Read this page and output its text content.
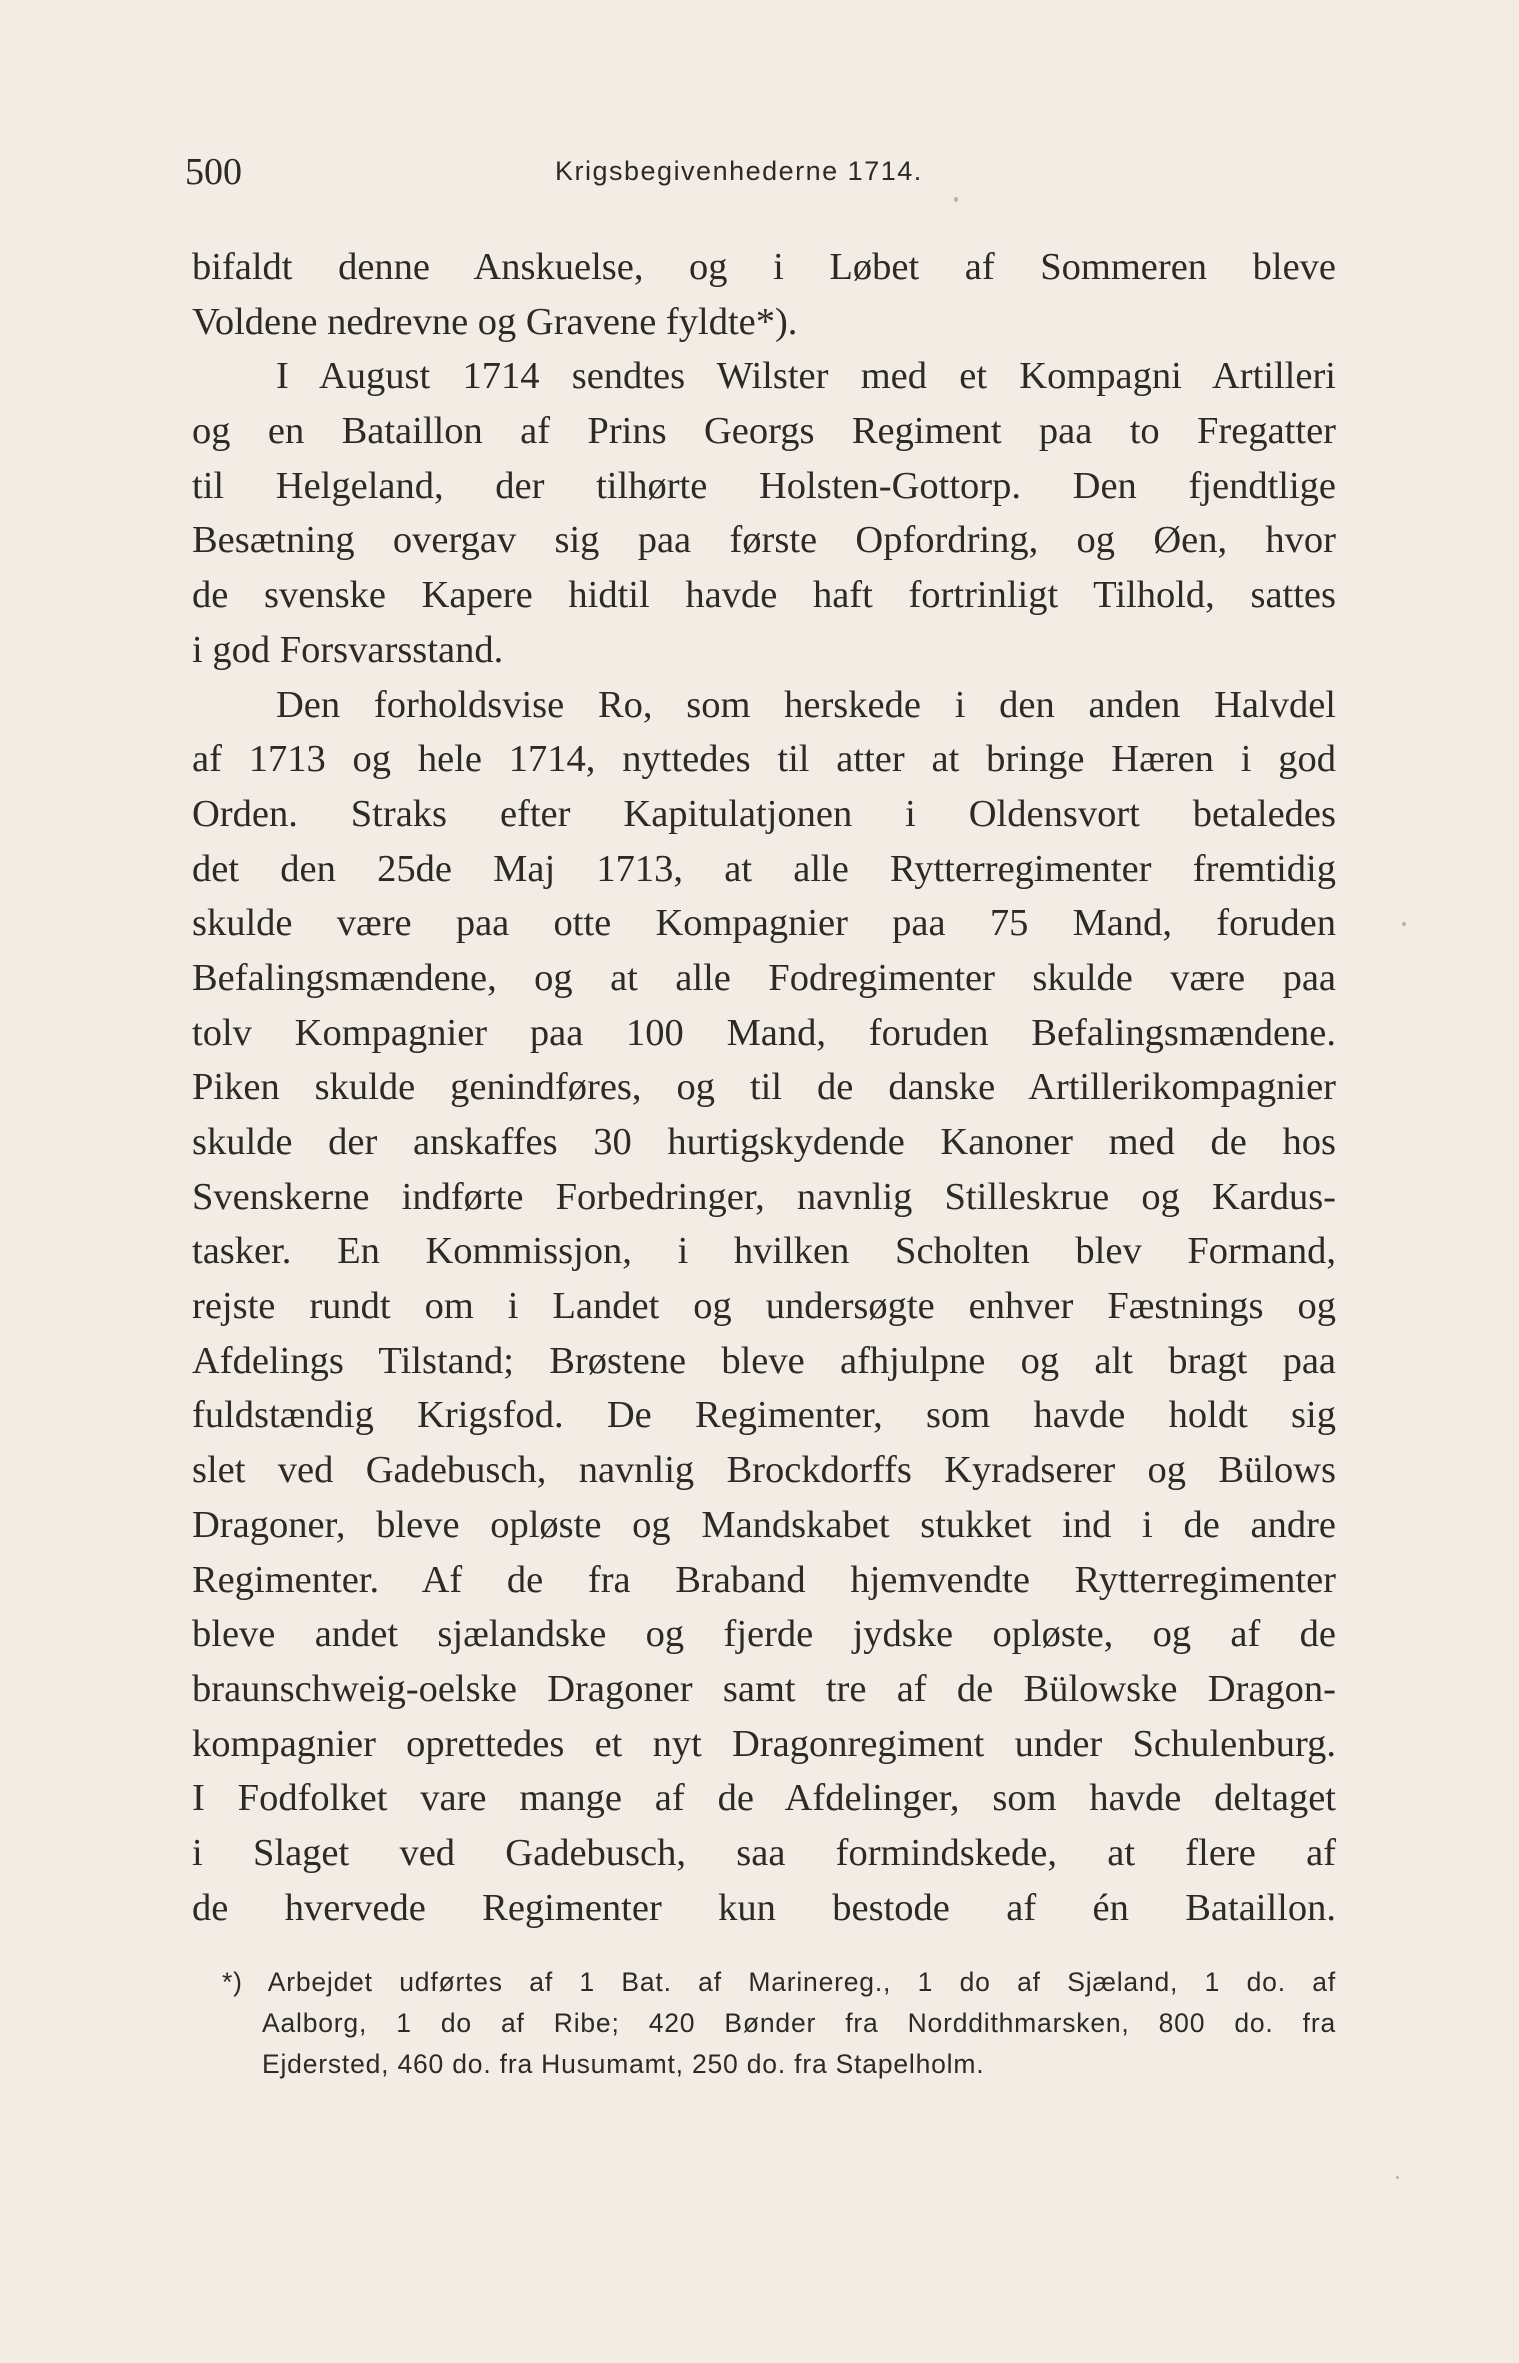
500	Krigsbegivenhederne 1714.
bifaldt denne Anskuelse, og i Løbet af Sommeren bleve
Voldene nedrevne og Gravene fyldte*).
I August 1714 sendtes Wilster med et Kompagni Artilleri
og en Bataillon af Prins Georgs Regiment paa to Fregatter
til Helgeland, der tilhørte Holsten-Gottorp. Den fjendtlige
Besætning overgav sig paa første Opfordring, og Øen, hvor
de svenske Kapere hidtil havde haft fortrinligt Tilhold, sattes
i god Forsvarsstand.
Den forholdsvise Ro, som herskede i den anden Halvdel
af 1713 og hele 1714, nyttedes til atter at bringe Hæren i god
Orden. Straks efter Kapitulatjonen i Oldensvort betaledes
det den 25de Maj 1713, at alle Rytterregimenter fremtidig
skulde være paa otte Kompagnier paa 75 Mand, foruden
Befalingsmændene, og at alle Fodregimenter skulde være paa
tolv Kompagnier paa 100 Mand, foruden Befalingsmændene.
Piken skulde genindføres, og til de danske Artillerikompagnier
skulde der anskaffes 30 hurtigskydende Kanoner med de hos
Svenskerne indførte Forbedringer, navnlig Stilleskrue og Kardus-
tasker. En Kommissjon, i hvilken Scholten blev Formand,
rejste rundt om i Landet og undersøgte enhver Fæstnings og
Afdelings Tilstand; Brøstene bleve afhjulpne og alt bragt paa
fuldstændig Krigsfod. De Regimenter, som havde holdt sig
slet ved Gadebusch, navnlig Brockdorffs Kyradserer og Bülows
Dragoner, bleve opløste og Mandskabet stukket ind i de andre
Regimenter. Af de fra Braband hjemvendte Rytterregimenter
bleve andet sjælandske og fjerde jydske opløste, og af de
braunschweig-oelske Dragoner samt tre af de Bülowske Dragon-
kompagnier oprettedes et nyt Dragonregiment under Schulenburg.
I Fodfolket vare mange af de Afdelinger, som havde deltaget
i Slaget ved Gadebusch, saa formindskede, at flere af
de hvervede Regimenter kun bestode af én Bataillon.
*) Arbejdet udførtes af 1 Bat. af Marinereg., 1 do af Sjæland, 1 do. af
Aalborg, 1 do af Ribe; 420 Bønder fra Norddithmarsken, 800 do. fra
Ejdersted, 460 do. fra Husumamt, 250 do. fra Stapelholm.
